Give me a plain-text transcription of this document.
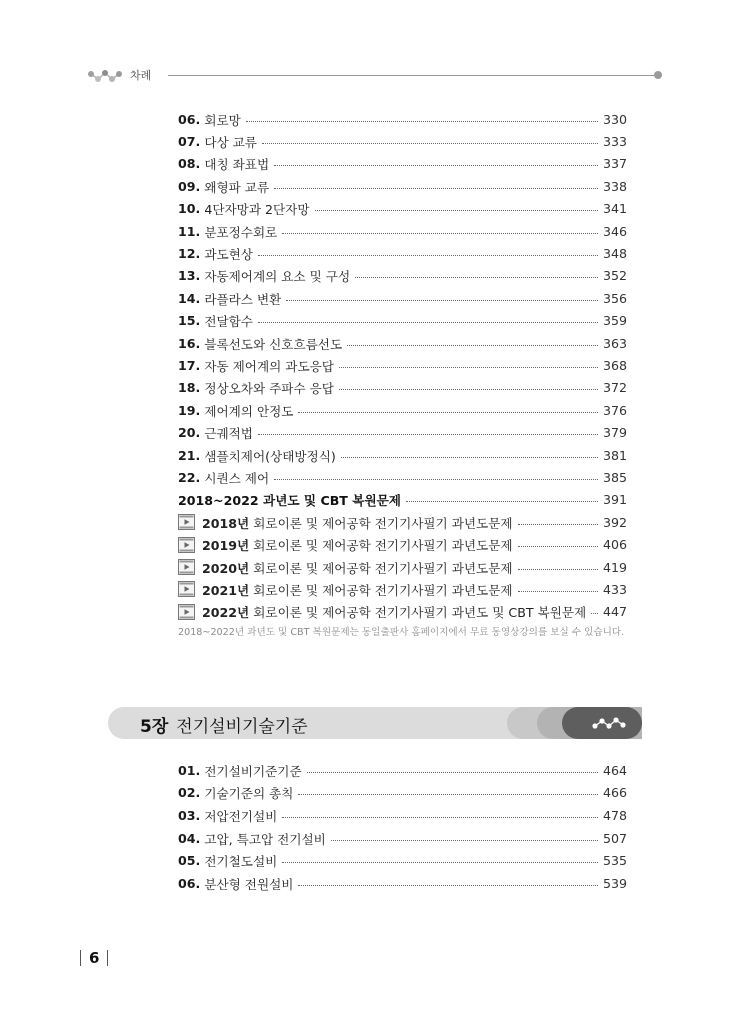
차례
06. 회로망	330
07. 다상 교류	333
08. 대칭 좌표법	337
09. 왜형파 교류	338
10. 4단자망과 2단자망	341
11. 분포정수회로	346
12. 과도현상	348
13. 자동제어계의 요소 및 구성	352
14. 라플라스 변환	356
15. 전달함수	359
16. 블록선도와 신호흐름선도	363
17. 자동 제어계의 과도응답	368
18. 정상오차와 주파수 응답	372
19. 제어계의 안정도	376
20. 근궤적법	379
21. 샘플치제어(상태방정식)	381
22. 시퀀스 제어	385
2018~2022 과년도 및 CBT 복원문제	391
2018년 회로이론 및 제어공학 전기기사필기 과년도문제	392
2019년 회로이론 및 제어공학 전기기사필기 과년도문제	406
2020년 회로이론 및 제어공학 전기기사필기 과년도문제	419
2021년 회로이론 및 제어공학 전기기사필기 과년도문제	433
2022년 회로이론 및 제어공학 전기기사필기 과년도 및 CBT 복원문제 447
2018~2022년 과년도 및 CBT 복원문제는 동일출판사 홈페이지에서 무료 동영상강의를 보실 수 있습니다.
5장 전기설비기술기준
01. 전기설비기준기준	464
02. 기술기준의 총칙	466
03. 저압전기설비	478
04. 고압, 특고압 전기설비	507
05. 전기철도설비	535
06. 분산형 전원설비	539
6
